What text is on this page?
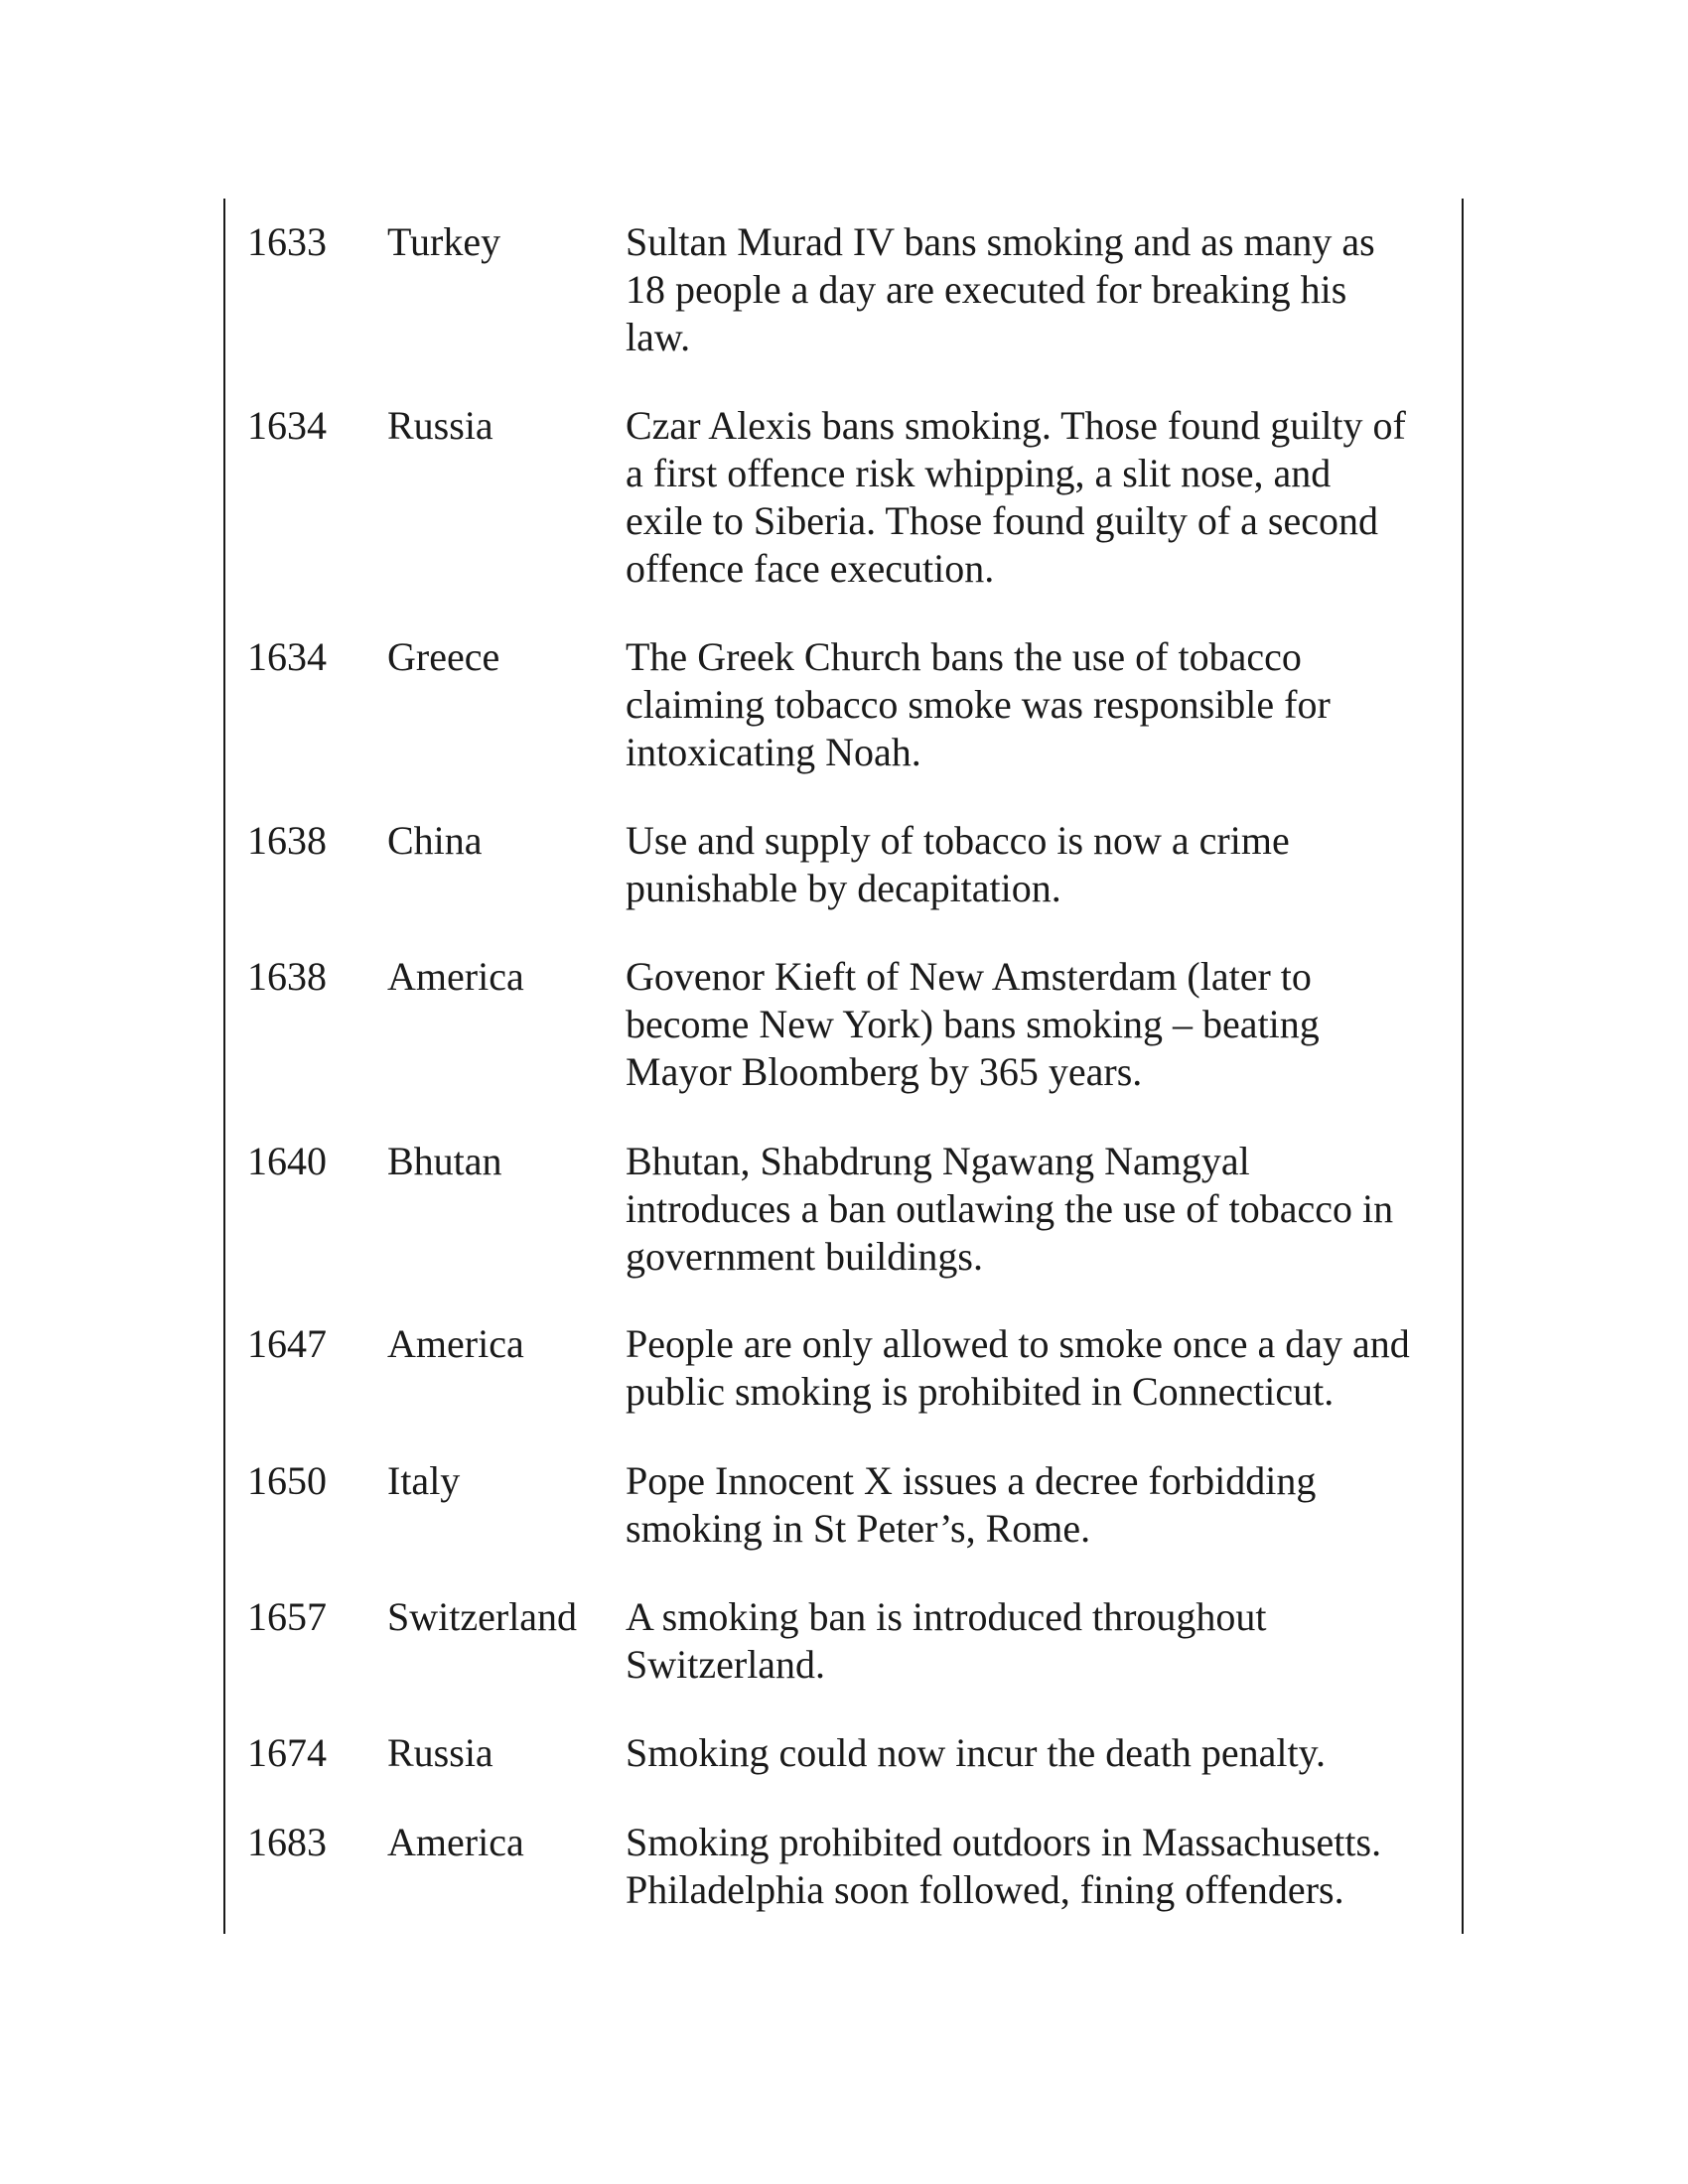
1633 Turkey	Sultan Murad IV bans smoking and as many as
18 people a day are executed for breaking his
law.
1634 Russia	Czar Alexis bans smoking. Those found guilty of
a first offence risk whipping, a slit nose, and
exile to Siberia. Those found guilty of a second
offence face execution.
1634 Greece	The Greek Church bans the use of tobacco
claiming tobacco smoke was responsible for
intoxicating Noah.
1638 China	Use and supply of tobacco is now a crime
punishable by decapitation.
1638 America	Govenor Kieft of New Amsterdam (later to
become New York) bans smoking – beating
Mayor Bloomberg by 365 years.
1640 Bhutan	Bhutan, Shabdrung Ngawang Namgyal
introduces a ban outlawing the use of tobacco in
government buildings.
1647 America	People are only allowed to smoke once a day and
public smoking is prohibited in Connecticut.
1650 Italy	Pope Innocent X issues a decree forbidding
smoking in St Peter’s, Rome.
1657 Switzerland A smoking ban is introduced throughout
Switzerland.
1674 Russia	Smoking could now incur the death penalty.
1683 America	Smoking prohibited outdoors in Massachusetts.
Philadelphia soon followed, fining offenders.
